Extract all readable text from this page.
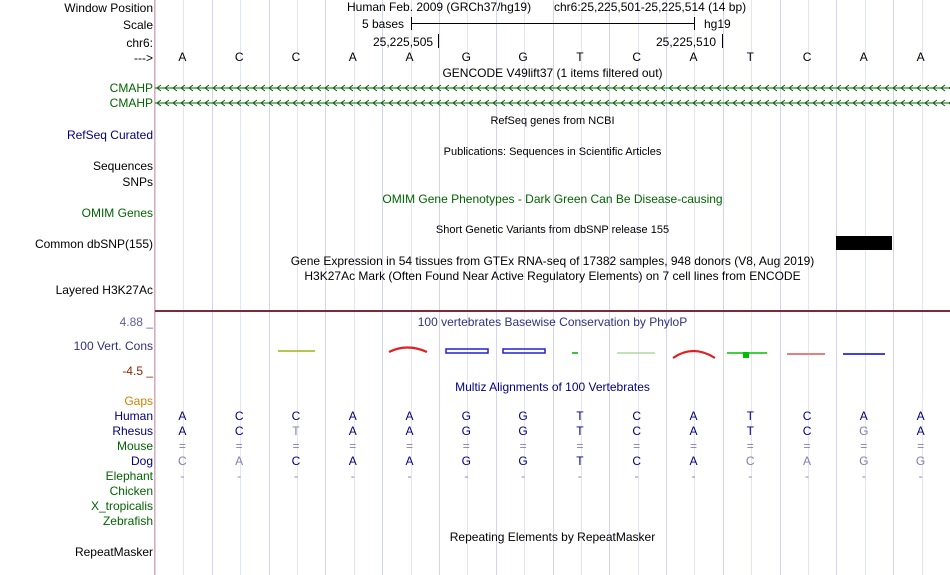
Window Position
Scale
chr6:
--->
Human Feb. 2009 (GRCh37/hg19) chr6:25,225,501-25,225,514 (14 bp)
5 bases	hg19
25,225,505	25,225,510
A	C	C	A	A	G	G	T	C	A	T	C	A	A
GENCODE V49lift37 (1 items filtered out)
CMAHP
CMAHP
RefSeq genes from NCBI
RefSeq Curated
Publications: Sequences in Scientific Articles
Sequences
SNPs
OMIM Gene Phenotypes - Dark Green Can Be Disease-causing
OMIM Genes
Short Genetic Variants from dbSNP release 155
Common dbSNP(155)
Gene Expression in 54 tissues from GTEx RNA-seq of 17382 samples, 948 donors (V8, Aug 2019)
H3K27Ac Mark (Often Found Near Active Regulatory Elements) on 7 cell lines from ENCODE
Layered H3K27Ac
100 vertebrates Basewise Conservation by PhyloP
4.88 _
100 Vert. Cons
-4.5 _
Multiz Alignments of 100 Vertebrates
Gaps
Human	A	C	C	A	A	G	G	T	C	A	T	C	A	A
Rhesus	A	C	T	A	A	G	G	T	C	A	T	C	G	A
Mouse	=	=	=	=	=	=	=	=	=	=	=	=	=	=
Dog	C	A	C	A	A	G	G	T	C	A	C	A	G	G
Elephant	-	-	-	-	-	-	-	-	-	-	-	-	-	-
Chicken
X_tropicalis
Zebrafish
Repeating Elements by RepeatMasker
RepeatMasker
